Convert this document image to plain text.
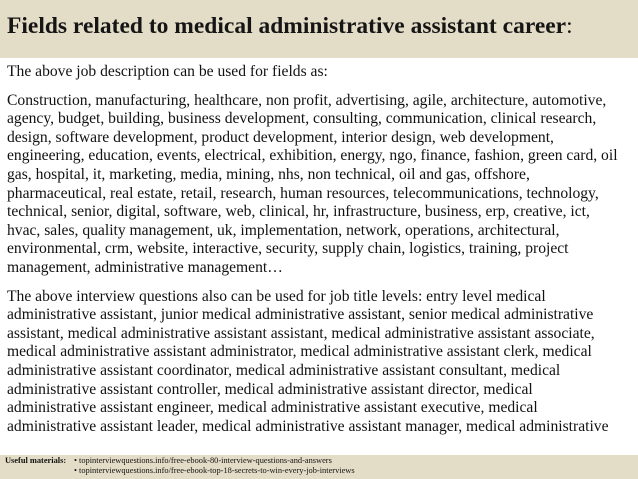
Fields related to medical administrative assistant career:

The above job description can be used for fields as:

Construction, manufacturing, healthcare, non profit, advertising, agile, architecture, automotive,
agency, budget, building, business development, consulting, communication, clinical research,
design, software development, product development, interior design, web development,
engineering, education, events, electrical, exhibition, energy, ngo, finance, fashion, green card, oil
gas, hospital, it, marketing, media, mining, nhs, non technical, oil and gas, offshore,
pharmaceutical, real estate, retail, research, human resources, telecommunications, technology,
technical, senior, digital, software, web, clinical, hr, infrastructure, business, erp, creative, ict,
hvac, sales, quality management, uk, implementation, network, operations, architectural,
environmental, crm, website, interactive, security, supply chain, logistics, training, project
management, administrative management…

The above interview questions also can be used for job title levels: entry level medical
administrative assistant, junior medical administrative assistant, senior medical administrative
assistant, medical administrative assistant assistant, medical administrative assistant associate,
medical administrative assistant administrator, medical administrative assistant clerk, medical
administrative assistant coordinator, medical administrative assistant consultant, medical
administrative assistant controller, medical administrative assistant director, medical
administrative assistant engineer, medical administrative assistant executive, medical
administrative assistant leader, medical administrative assistant manager, medical administrative

Useful materials: • topinterviewquestions.info/free-ebook-80-interview-questions-and-answers
• topinterviewquestions.info/free-ebook-top-18-secrets-to-win-every-job-interviews
